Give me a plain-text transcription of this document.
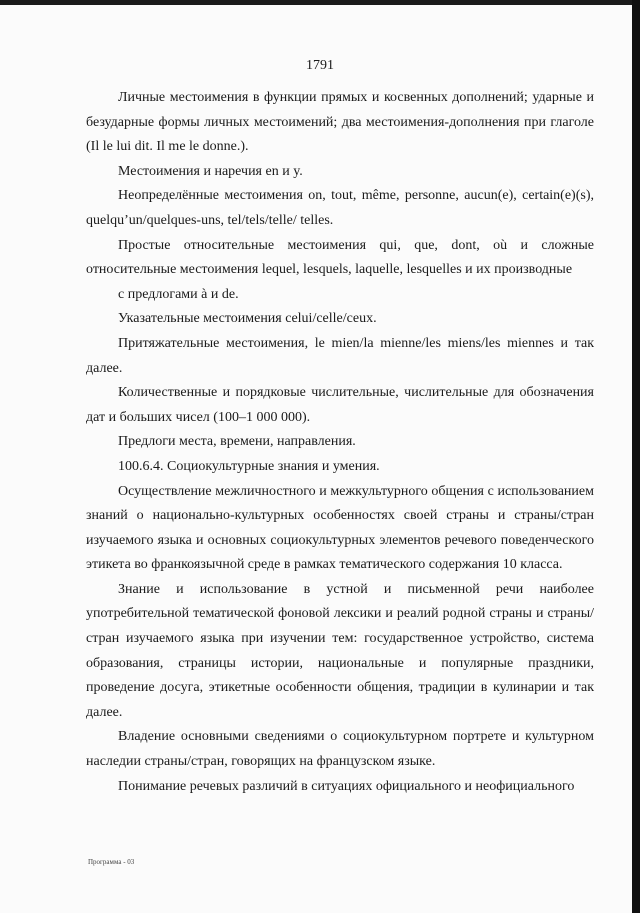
1791

Личные местоимения в функции прямых и косвенных дополнений; ударные и безударные формы личных местоимений; два местоимения-дополнения при глаголе (Il le lui dit. Il me le donne.).

Местоимения и наречия en и y.

Неопределённые местоимения on, tout, même, personne, aucun(e), certain(e)(s), quelqu’un/quelques-uns, tel/tels/telle/ telles.

Простые относительные местоимения qui, que, dont, où и сложные относительные местоимения lequel, lesquels, laquelle, lesquelles и их производные

с предлогами à и de.

Указательные местоимения celui/celle/ceux.

Притяжательные местоимения, le mien/la mienne/les miens/les miennes и так далее.

Количественные и порядковые числительные, числительные для обозначения дат и больших чисел (100–1 000 000).

Предлоги места, времени, направления.

100.6.4. Социокультурные знания и умения.

Осуществление межличностного и межкультурного общения с использованием знаний о национально-культурных особенностях своей страны и страны/стран изучаемого языка и основных социокультурных элементов речевого поведенческого этикета во франкоязычной среде в рамках тематического содержания 10 класса.

Знание и использование в устной и письменной речи наиболее употребительной тематической фоновой лексики и реалий родной страны и страны/стран изучаемого языка при изучении тем: государственное устройство, система образования, страницы истории, национальные и популярные праздники, проведение досуга, этикетные особенности общения, традиции в кулинарии и так далее.

Владение основными сведениями о социокультурном портрете и культурном наследии страны/стран, говорящих на французском языке.

Понимание речевых различий в ситуациях официального и неофициального

Программа - 03
